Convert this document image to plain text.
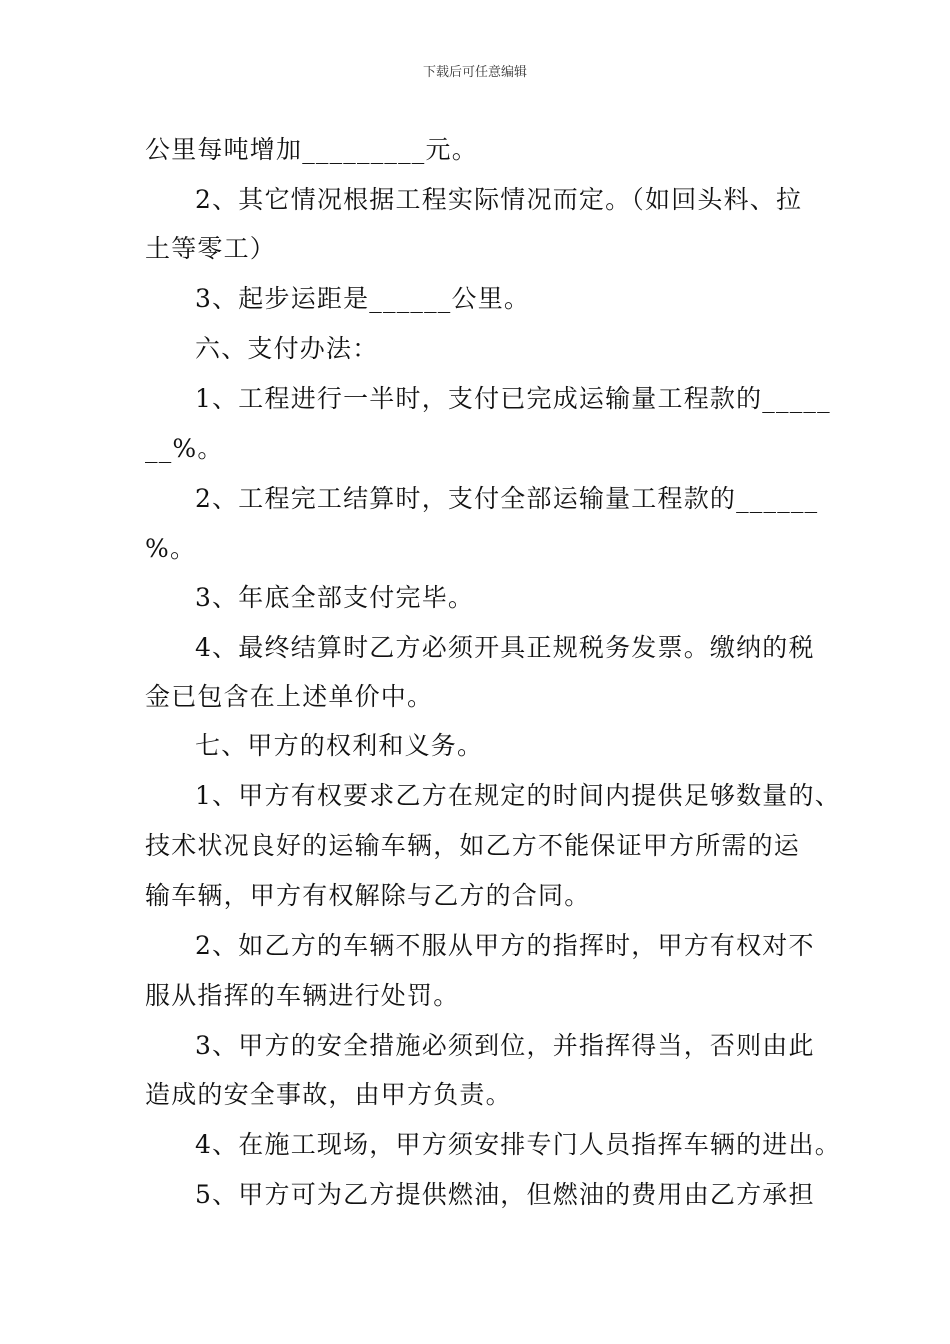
下载后可任意编辑
公里每吨增加_________元。
2、其它情况根据工程实际情况而定。（如回头料、拉
土等零工）
3、起步运距是______公里。
六、支付办法：
1、工程进行一半时，支付已完成运输量工程款的_____
__%。
2、工程完工结算时，支付全部运输量工程款的______
%。
3、年底全部支付完毕。
4、最终结算时乙方必须开具正规税务发票。缴纳的税
金已包含在上述单价中。
七、甲方的权利和义务。
1、甲方有权要求乙方在规定的时间内提供足够数量的、
技术状况良好的运输车辆，如乙方不能保证甲方所需的运
输车辆，甲方有权解除与乙方的合同。
2、如乙方的车辆不服从甲方的指挥时，甲方有权对不
服从指挥的车辆进行处罚。
3、甲方的安全措施必须到位，并指挥得当，否则由此
造成的安全事故，由甲方负责。
4、在施工现场，甲方须安排专门人员指挥车辆的进出。
5、甲方可为乙方提供燃油，但燃油的费用由乙方承担
